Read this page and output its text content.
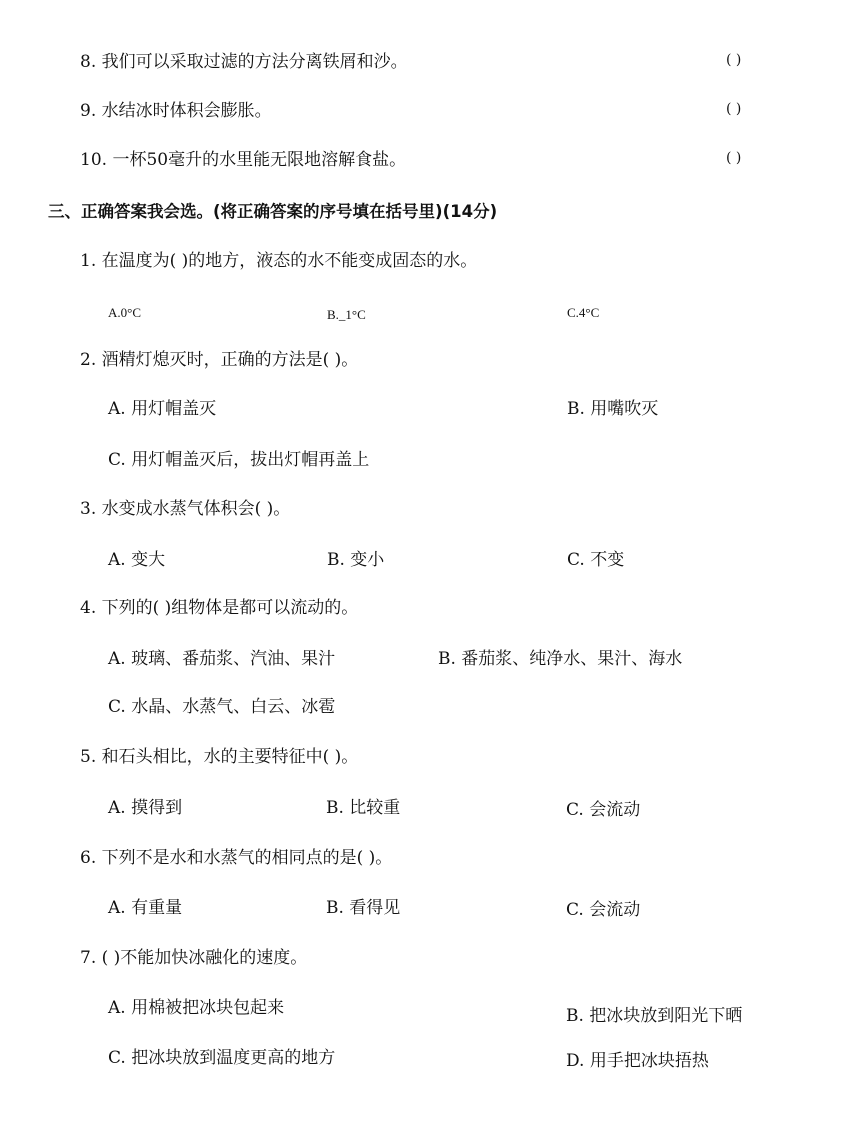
8. 我们可以采取过滤的方法分离铁屑和沙。	( )
9. 水结冰时体积会膨胀。	( )
10. 一杯50毫升的水里能无限地溶解食盐。	( )
三、正确答案我会选。(将正确答案的序号填在括号里)(14分)
1. 在温度为( )的地方，液态的水不能变成固态的水。
A.0°C	B._1°C	C.4°C
2. 酒精灯熄灭时，正确的方法是( )。
A. 用灯帽盖灭	B. 用嘴吹灭
C. 用灯帽盖灭后，拔出灯帽再盖上
3. 水变成水蒸气体积会( )。
A. 变大	B. 变小	C. 不变
4. 下列的( )组物体是都可以流动的。
A. 玻璃、番茄浆、汽油、果汁	B. 番茄浆、纯净水、果汁、海水
C. 水晶、水蒸气、白云、冰雹
5. 和石头相比，水的主要特征中( )。
A. 摸得到	B. 比较重	C. 会流动
6. 下列不是水和水蒸气的相同点的是( )。
A. 有重量	B. 看得见	C. 会流动
7. ( )不能加快冰融化的速度。
A. 用棉被把冰块包起来	B. 把冰块放到阳光下晒
C. 把冰块放到温度更高的地方	D. 用手把冰块捂热
